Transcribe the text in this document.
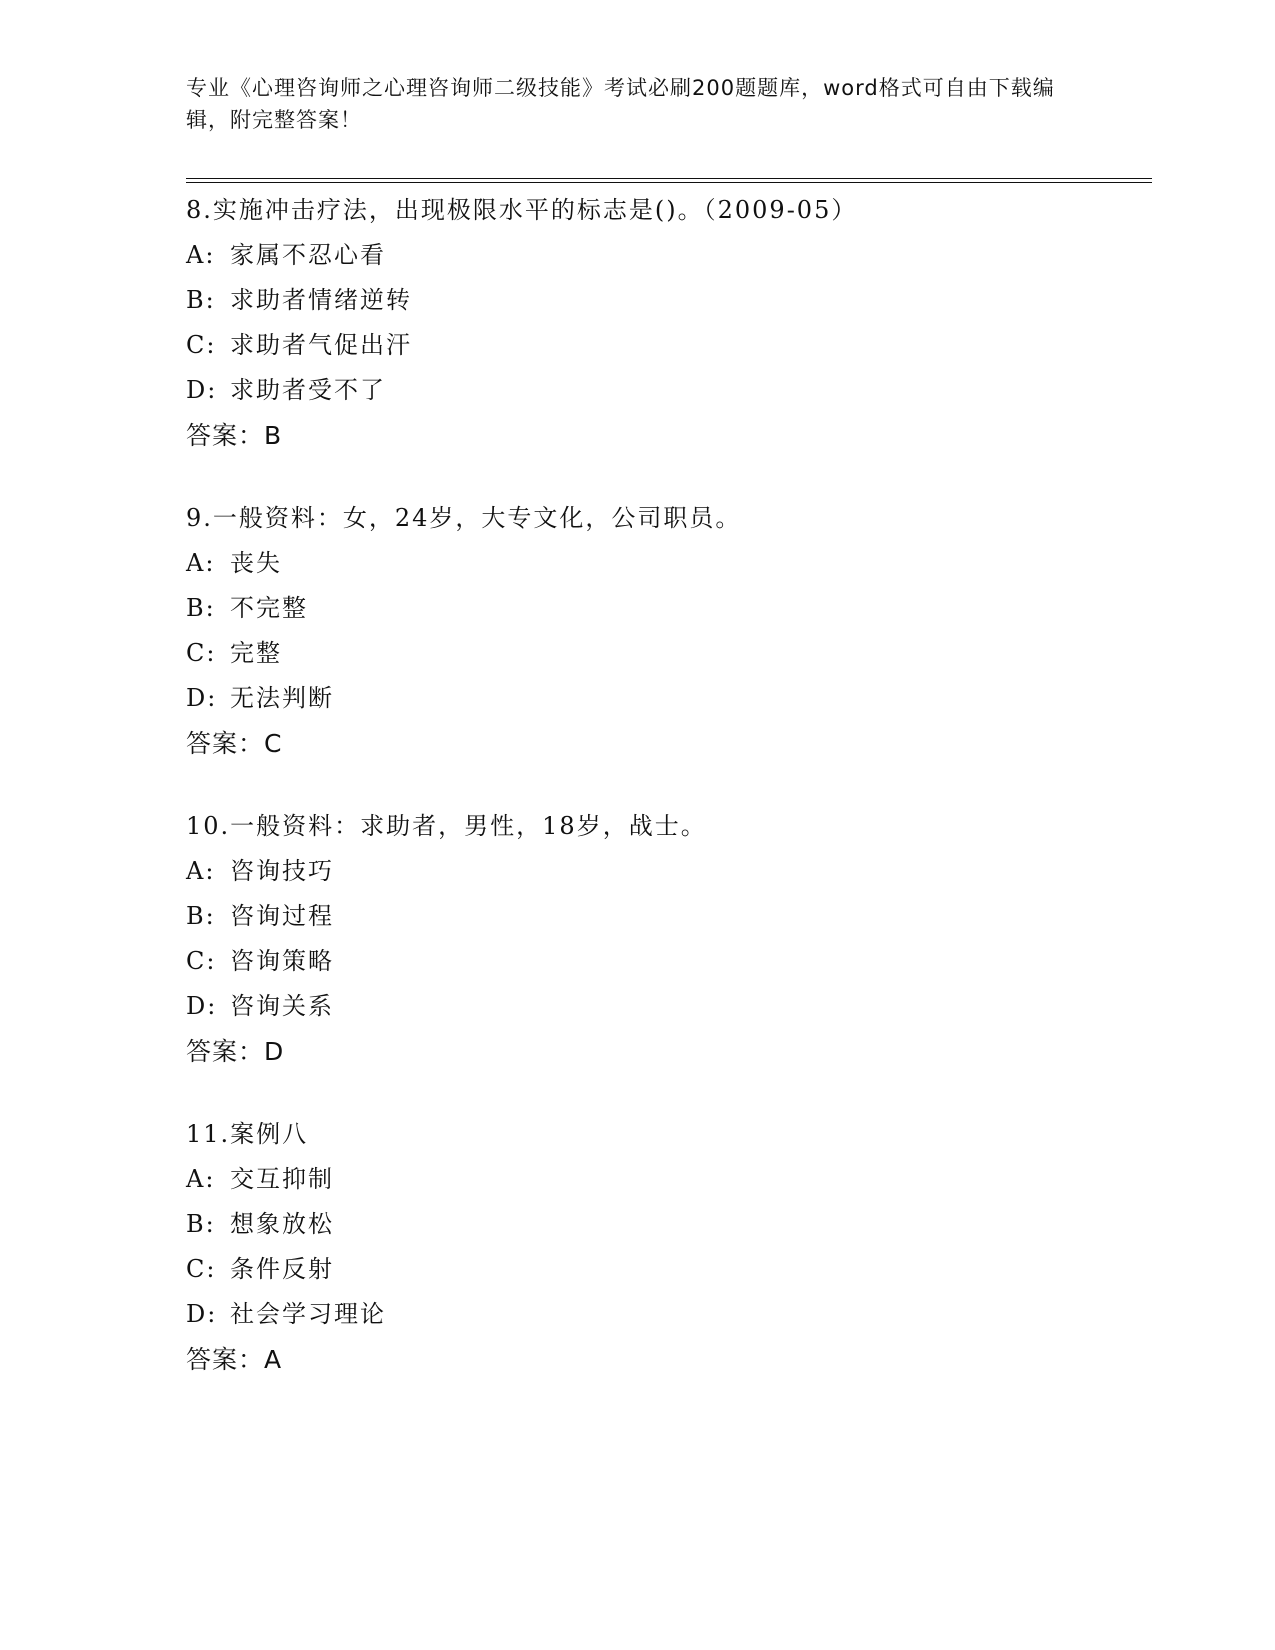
专业《心理咨询师之心理咨询师二级技能》考试必刷200题题库，word格式可自由下载编辑，附完整答案！
8.实施冲击疗法，出现极限水平的标志是()。（2009-05）
A: 家属不忍心看
B: 求助者情绪逆转
C: 求助者气促出汗
D: 求助者受不了
答案：B
9.一般资料：女，24岁，大专文化，公司职员。
A: 丧失
B: 不完整
C: 完整
D: 无法判断
答案：C
10.一般资料：求助者，男性，18岁，战士。
A: 咨询技巧
B: 咨询过程
C: 咨询策略
D: 咨询关系
答案：D
11.案例八
A: 交互抑制
B: 想象放松
C: 条件反射
D: 社会学习理论
答案：A
